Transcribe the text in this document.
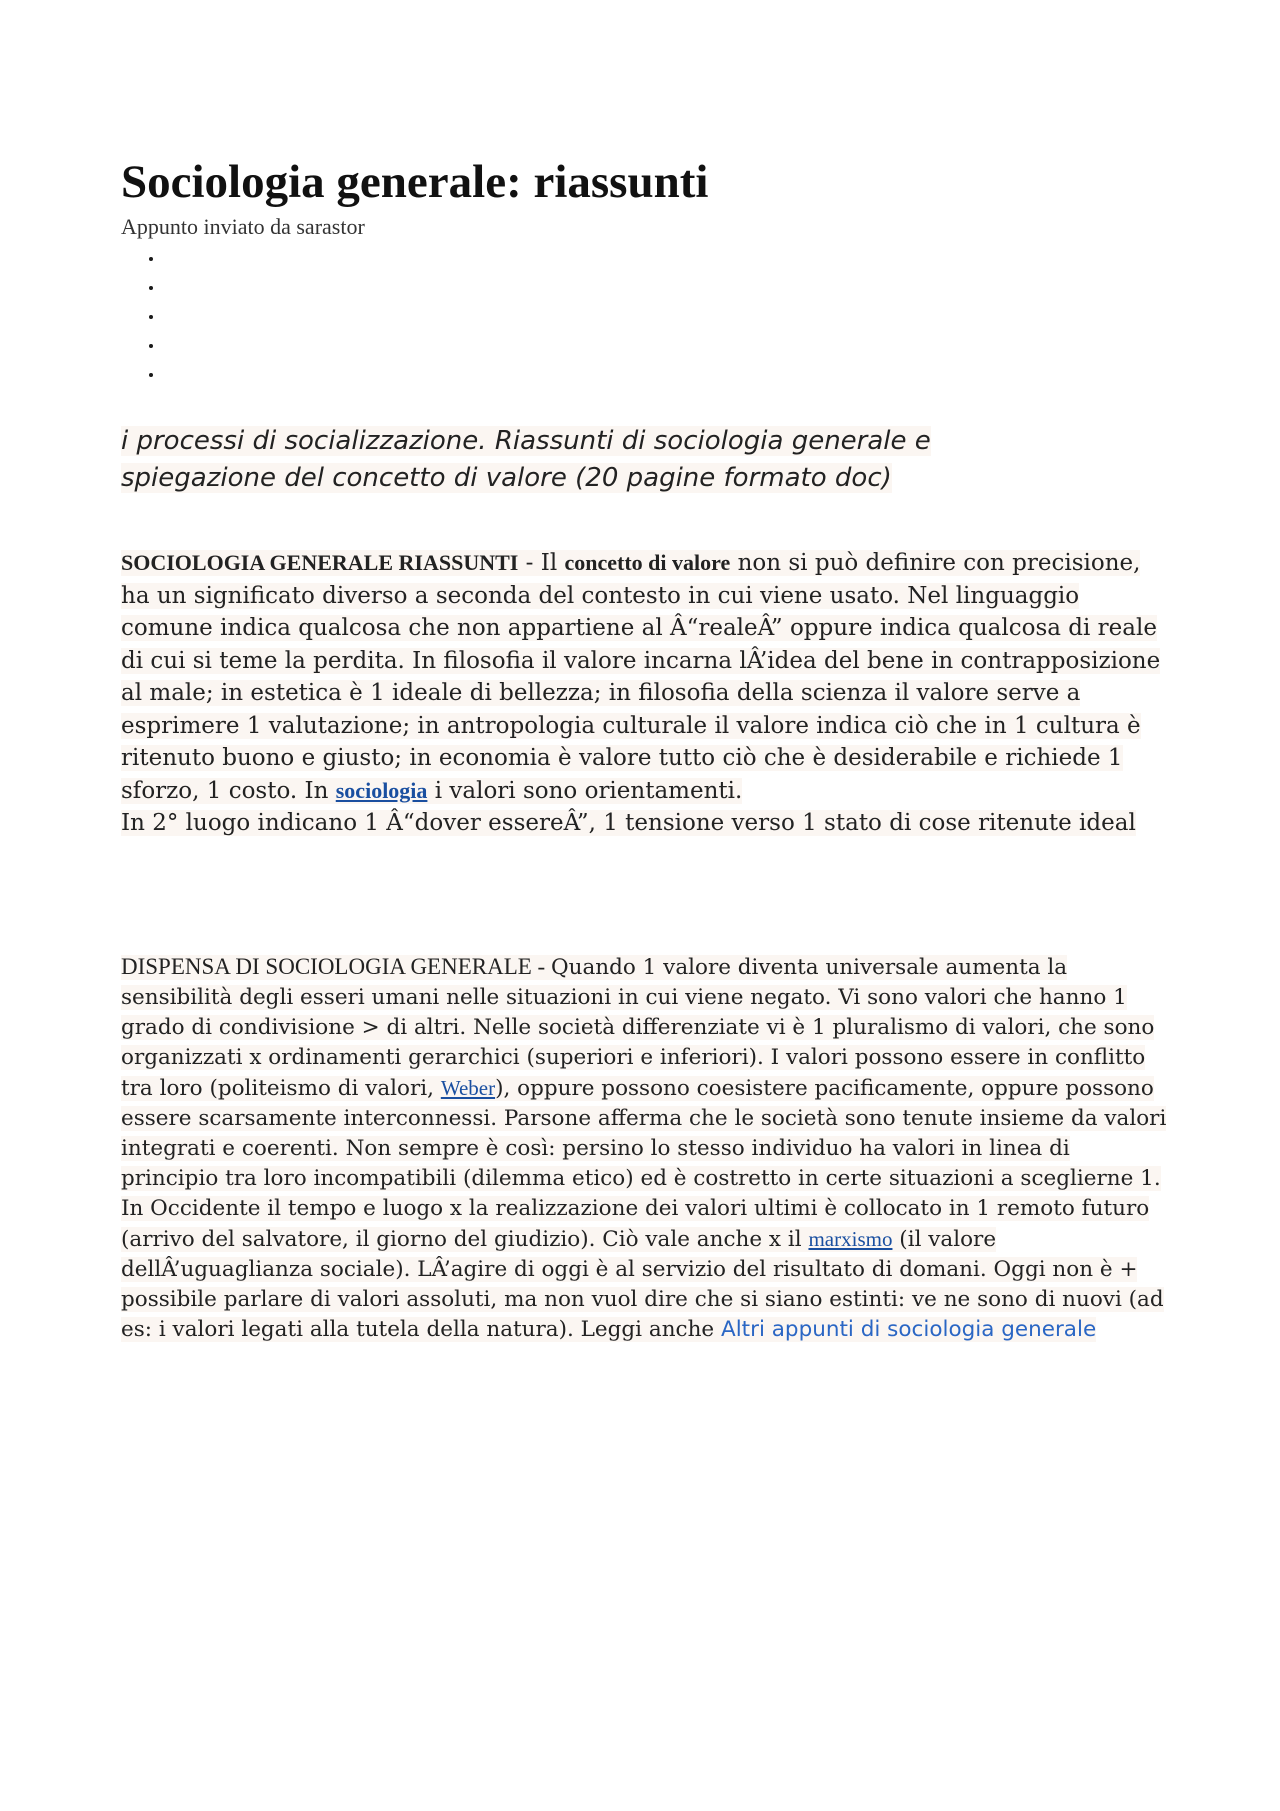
Sociologia generale: riassunti

Appunto inviato da sarastor

•
•
•
•
•

i processi di socializzazione. Riassunti di sociologia generale e
spiegazione del concetto di valore (20 pagine formato doc)

SOCIOLOGIA GENERALE RIASSUNTI - Il concetto di valore non si può definire con precisione, ha un significato diverso a seconda del contesto in cui viene usato. Nel linguaggio comune indica qualcosa che non appartiene al Â“realeÂ” oppure indica qualcosa di reale di cui si teme la perdita. In filosofia il valore incarna lÂ’idea del bene in contrapposizione al male; in estetica è 1 ideale di bellezza; in filosofia della scienza il valore serve a esprimere 1 valutazione; in antropologia culturale il valore indica ciò che in 1 cultura è ritenuto buono e giusto; in economia è valore tutto ciò che è desiderabile e richiede 1 sforzo, 1 costo. In sociologia i valori sono orientamenti.
In 2° luogo indicano 1 Â“dover essereÂ”, 1 tensione verso 1 stato di cose ritenute ideal

DISPENSA DI SOCIOLOGIA GENERALE - Quando 1 valore diventa universale aumenta la sensibilità degli esseri umani nelle situazioni in cui viene negato. Vi sono valori che hanno 1 grado di condivisione > di altri. Nelle società differenziate vi è 1 pluralismo di valori, che sono organizzati x ordinamenti gerarchici (superiori e inferiori). I valori possono essere in conflitto tra loro (politeismo di valori, Weber), oppure possono coesistere pacificamente, oppure possono essere scarsamente interconnessi. Parsone afferma che le società sono tenute insieme da valori integrati e coerenti. Non sempre è così: persino lo stesso individuo ha valori in linea di principio tra loro incompatibili (dilemma etico) ed è costretto in certe situazioni a sceglierne 1. In Occidente il tempo e luogo x la realizzazione dei valori ultimi è collocato in 1 remoto futuro (arrivo del salvatore, il giorno del giudizio). Ciò vale anche x il marxismo (il valore dellÂ’uguaglianza sociale). LÂ’agire di oggi è al servizio del risultato di domani. Oggi non è + possibile parlare di valori assoluti, ma non vuol dire che si siano estinti: ve ne sono di nuovi (ad es: i valori legati alla tutela della natura). Leggi anche Altri appunti di sociologia generale
